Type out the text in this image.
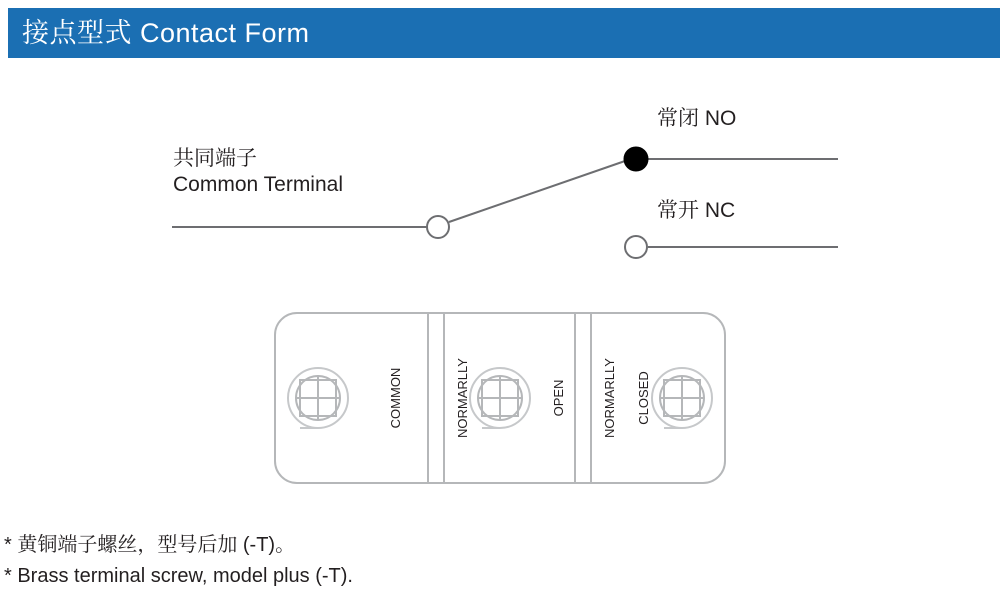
接点型式 Contact Form
COMMON	NORMARLLY	OPEN	NORMARLLY CLOSED
共同端子
Common Terminal
常闭 NO
常开 NC
* 黄铜端子螺丝，型号后加 (-T)。
* Brass terminal screw, model plus (-T).
